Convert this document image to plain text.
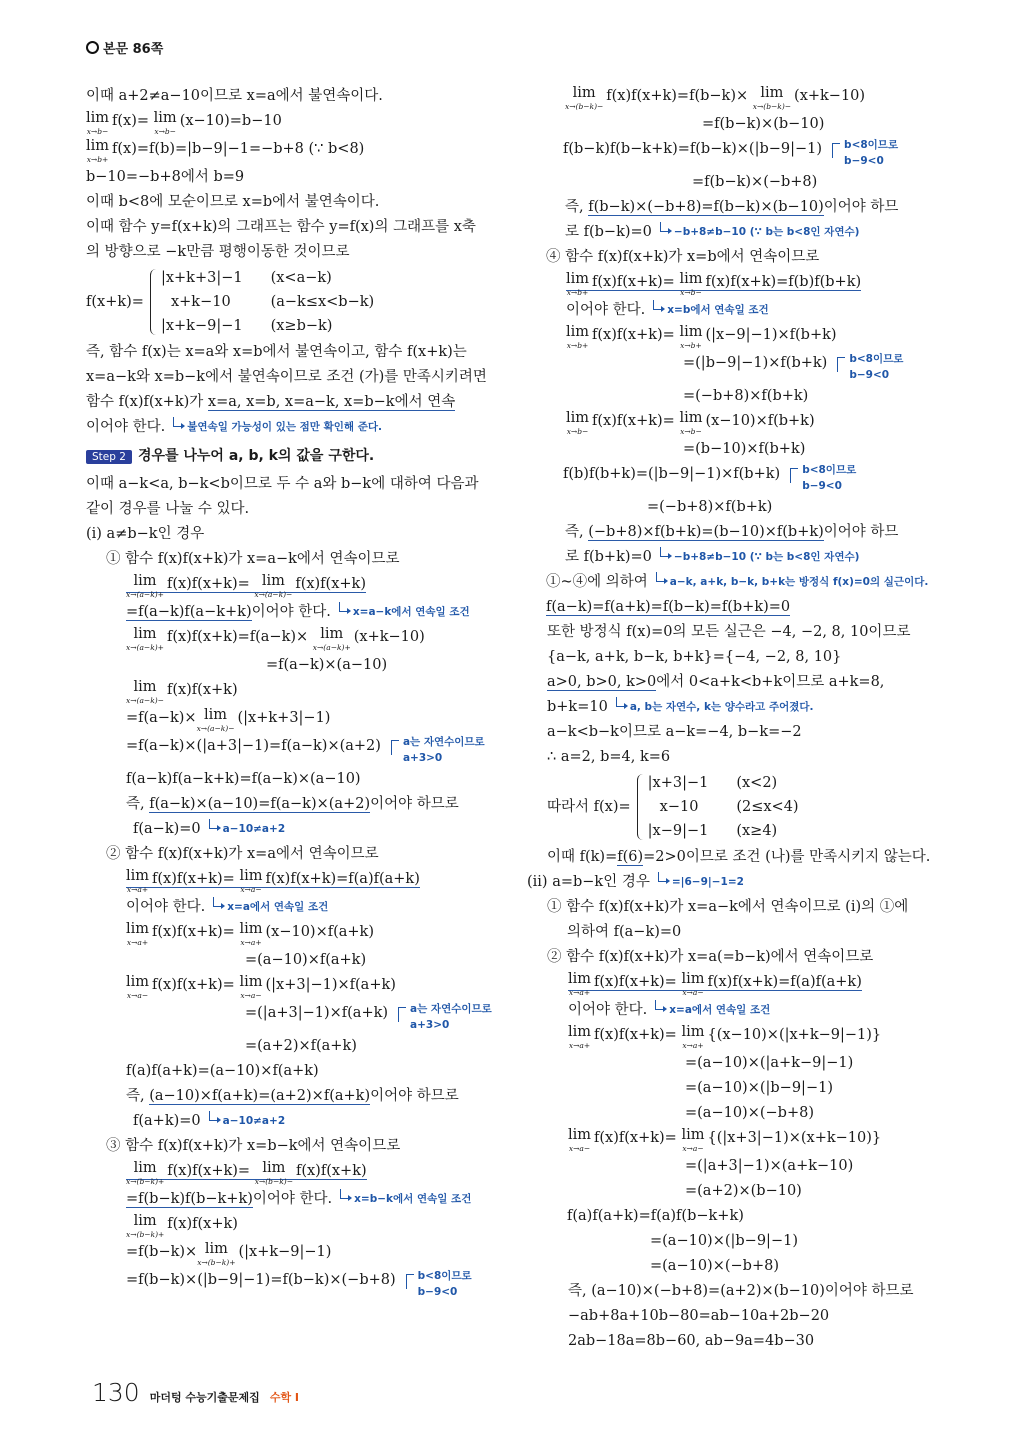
본문 86쪽
이때 a+2≠a−10이므로 x=a에서 불연속이다.
lim
x→b−
f(x)= lim
x→b−
(x−10)=b−10
lim
x→b+
f(x)=f(b)=|b−9|−1=−b+8 (∵ b<8)
b−10=−b+8에서 b=9
이때 b<8에 모순이므로 x=b에서 불연속이다.
이때 함수 y=f(x+k)의 그래프는 함수 y=f(x)의 그래프를 x축
의 방향으로 −k만큼 평행이동한 것이므로
f(x+k)=
|x+k+3|−1 (x<a−k)
x+k−10	(a−k≤x<b−k)
|x+k−9|−1 (x≥b−k)
즉, 함수 f(x)는 x=a와 x=b에서 불연속이고, 함수 f(x+k)는
x=a−k와 x=b−k에서 불연속이므로 조건 (가)를 만족시키려면
함수 f(x)f(x+k)가 x=a, x=b, x=a−k, x=b−k에서 연속
이어야 한다. 불연속일 가능성이 있는 점만 확인해 준다.
Step 2 경우를 나누어 a, b, k의 값을 구한다.
이때 a−k<a, b−k<b이므로 두 수 a와 b−k에 대하여 다음과
같이 경우를 나눌 수 있다.
(i) a≠b−k인 경우
① 함수 f(x)f(x+k)가 x=a−k에서 연속이므로
lim
x→(a−k)+
f(x)f(x+k)= lim
x→(a−k)−
f(x)f(x+k)
=f(a−k)f(a−k+k)이어야 한다. x=a−k에서 연속일 조건
lim
x→(a−k)+
f(x)f(x+k)=f(a−k)× lim
x→(a−k)+
(x+k−10)
=f(a−k)×(a−10)
lim
x→(a−k)−
f(x)f(x+k)
=f(a−k)× lim
x→(a−k)−
(|x+k+3|−1)
=f(a−k)×(|a+3|−1)=f(a−k)×(a+2) a는 자연수이므로
a+3>0
f(a−k)f(a−k+k)=f(a−k)×(a−10)
즉, f(a−k)×(a−10)=f(a−k)×(a+2)이어야 하므로
f(a−k)=0 a−10≠a+2
② 함수 f(x)f(x+k)가 x=a에서 연속이므로
lim
x→a+
f(x)f(x+k)= lim
x→a−
f(x)f(x+k)=f(a)f(a+k)
이어야 한다. x=a에서 연속일 조건
lim
x→a+
f(x)f(x+k)= lim
x→a+
(x−10)×f(a+k)
=(a−10)×f(a+k)
lim
x→a−
f(x)f(x+k)= lim
x→a−
(|x+3|−1)×f(a+k)
=(|a+3|−1)×f(a+k) a는 자연수이므로
a+3>0
=(a+2)×f(a+k)
f(a)f(a+k)=(a−10)×f(a+k)
즉, (a−10)×f(a+k)=(a+2)×f(a+k)이어야 하므로
f(a+k)=0 a−10≠a+2
③ 함수 f(x)f(x+k)가 x=b−k에서 연속이므로
lim
x→(b−k)+
f(x)f(x+k)= lim
x→(b−k)−
f(x)f(x+k)
=f(b−k)f(b−k+k)이어야 한다. x=b−k에서 연속일 조건
lim
x→(b−k)+
f(x)f(x+k)
=f(b−k)× lim
x→(b−k)+
(|x+k−9|−1)
=f(b−k)×(|b−9|−1)=f(b−k)×(−b+8) b<8이므로
b−9<0
lim
x→(b−k)−
f(x)f(x+k)=f(b−k)× lim
x→(b−k)−
(x+k−10)
=f(b−k)×(b−10)
f(b−k)f(b−k+k)=f(b−k)×(|b−9|−1) b<8이므로
b−9<0
=f(b−k)×(−b+8)
즉, f(b−k)×(−b+8)=f(b−k)×(b−10)이어야 하므
로 f(b−k)=0 −b+8≠b−10 (∵ b는 b<8인 자연수)
④ 함수 f(x)f(x+k)가 x=b에서 연속이므로
lim
x→b+
f(x)f(x+k)= lim
x→b−
f(x)f(x+k)=f(b)f(b+k)
이어야 한다. x=b에서 연속일 조건
lim
x→b+
f(x)f(x+k)= lim
x→b+
(|x−9|−1)×f(b+k)
=(|b−9|−1)×f(b+k) b<8이므로
b−9<0
=(−b+8)×f(b+k)
lim
x→b−
f(x)f(x+k)= lim
x→b−
(x−10)×f(b+k)
=(b−10)×f(b+k)
f(b)f(b+k)=(|b−9|−1)×f(b+k) b<8이므로
b−9<0
=(−b+8)×f(b+k)
즉, (−b+8)×f(b+k)=(b−10)×f(b+k)이어야 하므
로 f(b+k)=0 −b+8≠b−10 (∵ b는 b<8인 자연수)
①~④에 의하여 a−k, a+k, b−k, b+k는 방정식 f(x)=0의 실근이다.
f(a−k)=f(a+k)=f(b−k)=f(b+k)=0
또한 방정식 f(x)=0의 모든 실근은 −4, −2, 8, 10이므로
{a−k, a+k, b−k, b+k}={−4, −2, 8, 10}
a>0, b>0, k>0에서 0<a+k<b+k이므로 a+k=8,
b+k=10 a, b는 자연수, k는 양수라고 주어졌다.
a−k<b−k이므로 a−k=−4, b−k=−2
∴ a=2, b=4, k=6
따라서 f(x)=
|x+3|−1 (x<2)
x−10	(2≤x<4)
|x−9|−1 (x≥4)
이때 f(k)=f(6)=2>0이므로 조건 (나)를 만족시키지 않는다.
(ii) a=b−k인 경우 =|6−9|−1=2
① 함수 f(x)f(x+k)가 x=a−k에서 연속이므로 (i)의 ①에
의하여 f(a−k)=0
② 함수 f(x)f(x+k)가 x=a(=b−k)에서 연속이므로
lim
x→a+
f(x)f(x+k)= lim
x→a−
f(x)f(x+k)=f(a)f(a+k)
이어야 한다. x=a에서 연속일 조건
lim
x→a+
f(x)f(x+k)= lim
x→a+
{(x−10)×(|x+k−9|−1)}
=(a−10)×(|a+k−9|−1)
=(a−10)×(|b−9|−1)
=(a−10)×(−b+8)
lim
x→a−
f(x)f(x+k)= lim
x→a−
{(|x+3|−1)×(x+k−10)}
=(|a+3|−1)×(a+k−10)
=(a+2)×(b−10)
f(a)f(a+k)=f(a)f(b−k+k)
=(a−10)×(|b−9|−1)
=(a−10)×(−b+8)
즉, (a−10)×(−b+8)=(a+2)×(b−10)이어야 하므로
−ab+8a+10b−80=ab−10a+2b−20
2ab−18a=8b−60, ab−9a=4b−30
130 마더텅 수능기출문제집 수학 I
